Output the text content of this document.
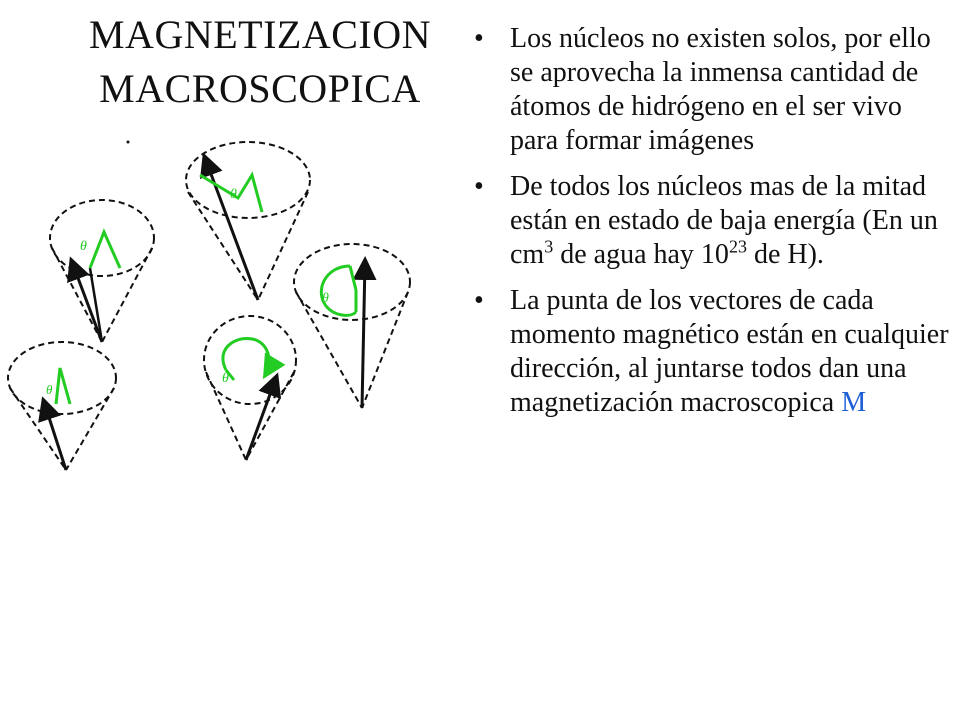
MAGNETIZACION
MACROSCOPICA
θ
θ
θ
θ
θ
• Los núcleos no existen solos, por ello se aprovecha la inmensa cantidad de átomos de hidrógeno en el ser vivo para formar imágenes
• De todos los núcleos mas de la mitad están en estado de baja energía (En un $cm^3$ de agua hay $10^{23}$ de H).
• La punta de los vectores de cada momento magnético están en cualquier dirección, al juntarse todos dan una magnetización macroscopica M
